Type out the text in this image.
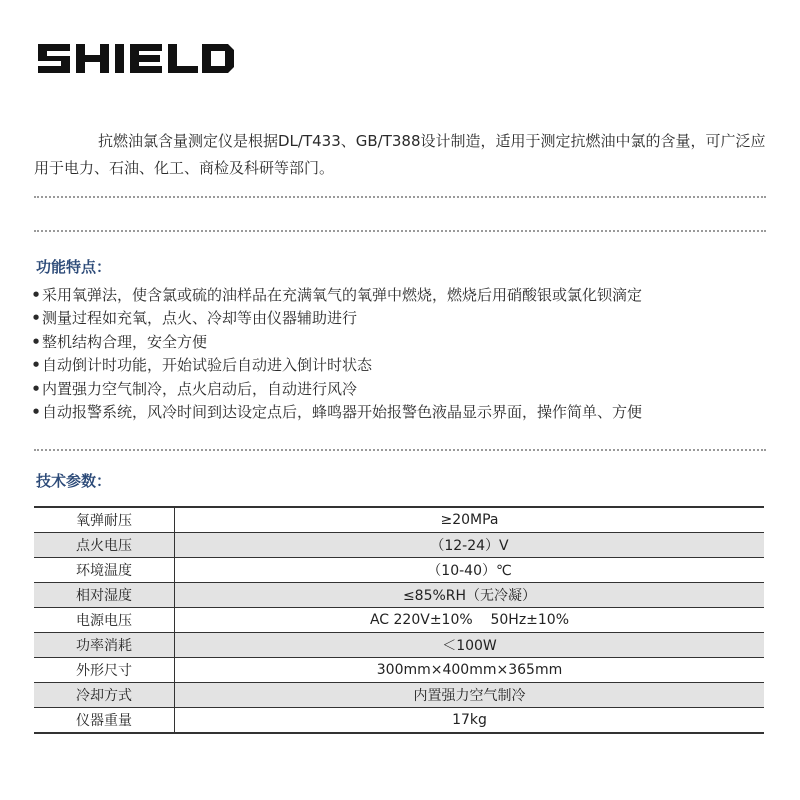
抗燃油氯含量测定仪是根据DL/T433、GB/T388设计制造，适用于测定抗燃油中氯的含量，可广泛应用于电力、石油、化工、商检及科研等部门。

功能特点：
•采用氧弹法，使含氯或硫的油样品在充满氧气的氧弹中燃烧，燃烧后用硝酸银或氯化钡滴定
•测量过程如充氧，点火、冷却等由仪器辅助进行
•整机结构合理，安全方便
•自动倒计时功能，开始试验后自动进入倒计时状态
•内置强力空气制冷，点火启动后，自动进行风冷
•自动报警系统，风冷时间到达设定点后，蜂鸣器开始报警色液晶显示界面，操作简单、方便
技术参数：
氧弹耐压	≥20MPa
点火电压	（12-24）V
环境温度	（10-40）℃
相对湿度	≤85%RH（无冷凝）
电源电压	AC 220V±10%    50Hz±10%
功率消耗	＜100W
外形尺寸	300mm×400mm×365mm
冷却方式	内置强力空气制冷
仪器重量	17kg
